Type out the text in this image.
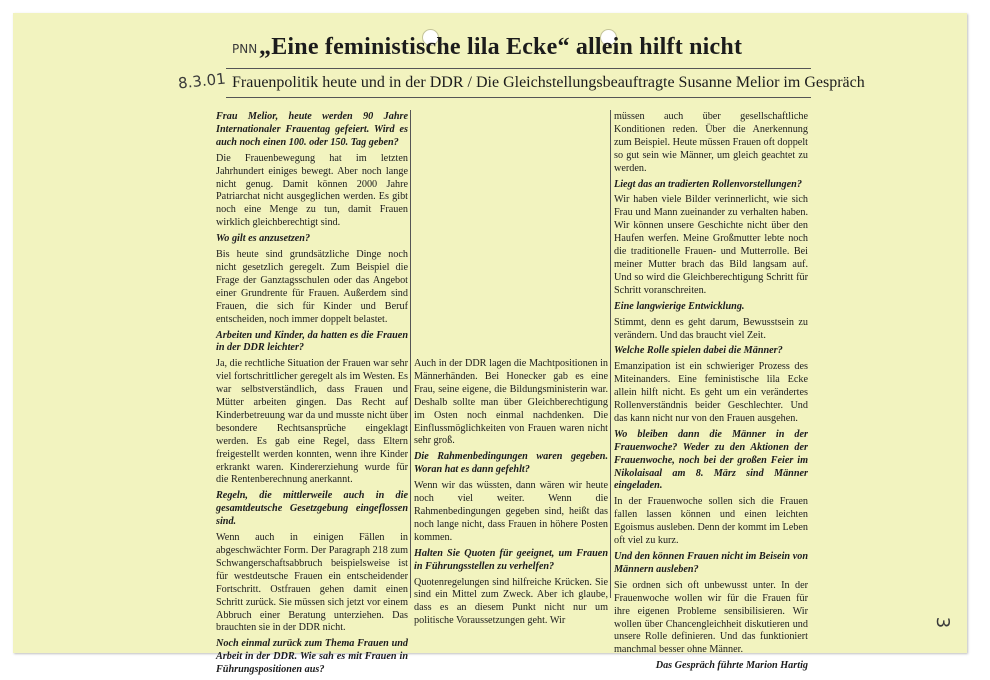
PNN
8.3.01
3
„Eine feministische lila Ecke“ allein hilft nicht
Frauenpolitik heute und in der DDR / Die Gleichstellungsbeauftragte Susanne Melior im Gespräch

Frau Melior, heute werden 90 Jahre Internationaler Frauentag gefeiert. Wird es auch noch einen 100. oder 150. Tag geben?

Die Frauenbewegung hat im letzten Jahrhundert einiges bewegt. Aber noch lange nicht genug. Damit können 2000 Jahre Patriarchat nicht ausgeglichen werden. Es gibt noch eine Menge zu tun, damit Frauen wirklich gleichberechtigt sind.

Wo gilt es anzusetzen?

Bis heute sind grundsätzliche Dinge noch nicht gesetzlich geregelt. Zum Beispiel die Frage der Ganztagsschulen oder das Angebot einer Grundrente für Frauen. Außerdem sind Frauen, die sich für Kinder und Beruf entscheiden, noch immer doppelt belastet.

Arbeiten und Kinder, da hatten es die Frauen in der DDR leichter?

Ja, die rechtliche Situation der Frauen war sehr viel fortschrittlicher geregelt als im Westen. Es war selbstverständlich, dass Frauen und Mütter arbeiten gingen. Das Recht auf Kinderbetreuung war da und musste nicht über besondere Rechtsansprüche eingeklagt werden. Es gab eine Regel, dass Eltern freigestellt werden konnten, wenn ihre Kinder erkrankt waren. Kindererziehung wurde für die Rentenberechnung anerkannt.

Regeln, die mittlerweile auch in die gesamtdeutsche Gesetzgebung eingeflossen sind.

Wenn auch in einigen Fällen in abgeschwächter Form. Der Paragraph 218 zum Schwangerschaftsabbruch beispielsweise ist für westdeutsche Frauen ein entscheidender Fortschritt. Ostfrauen gehen damit einen Schritt zurück. Sie müssen sich jetzt vor einem Abbruch einer Beratung unterziehen. Das brauchten sie in der DDR nicht.

Noch einmal zurück zum Thema Frauen und Arbeit in der DDR. Wie sah es mit Frauen in Führungspositionen aus?

Auch in der DDR lagen die Machtpositionen in Männerhänden. Bei Honecker gab es eine Frau, seine eigene, die Bildungsministerin war. Deshalb sollte man über Gleichberechtigung im Osten noch einmal nachdenken. Die Einflussmöglichkeiten von Frauen waren nicht sehr groß.

Die Rahmenbedingungen waren gegeben. Woran hat es dann gefehlt?

Wenn wir das wüssten, dann wären wir heute noch viel weiter. Wenn die Rahmenbedingungen gegeben sind, heißt das noch lange nicht, dass Frauen in höhere Posten kommen.

Halten Sie Quoten für geeignet, um Frauen in Führungsstellen zu verhelfen?

Quotenregelungen sind hilfreiche Krücken. Sie sind ein Mittel zum Zweck. Aber ich glaube, dass es an diesem Punkt nicht nur um politische Voraussetzungen geht. Wir

müssen auch über gesellschaftliche Konditionen reden. Über die Anerkennung zum Beispiel. Heute müssen Frauen oft doppelt so gut sein wie Männer, um gleich geachtet zu werden.

Liegt das an tradierten Rollenvorstellungen?

Wir haben viele Bilder verinnerlicht, wie sich Frau und Mann zueinander zu verhalten haben. Wir können unsere Geschichte nicht über den Haufen werfen. Meine Großmutter lebte noch die traditionelle Frauen- und Mutterrolle. Bei meiner Mutter brach das Bild langsam auf. Und so wird die Gleichberechtigung Schritt für Schritt voranschreiten.

Eine langwierige Entwicklung.

Stimmt, denn es geht darum, Bewusstsein zu verändern. Und das braucht viel Zeit.

Welche Rolle spielen dabei die Männer?

Emanzipation ist ein schwieriger Prozess des Miteinanders. Eine feministische lila Ecke allein hilft nicht. Es geht um ein verändertes Rollenverständnis beider Geschlechter. Und das kann nicht nur von den Frauen ausgehen.

Wo bleiben dann die Männer in der Frauenwoche? Weder zu den Aktionen der Frauenwoche, noch bei der großen Feier im Nikolaisaal am 8. März sind Männer eingeladen.

In der Frauenwoche sollen sich die Frauen fallen lassen können und einen leichten Egoismus ausleben. Denn der kommt im Leben oft viel zu kurz.

Und den können Frauen nicht im Beisein von Männern ausleben?

Sie ordnen sich oft unbewusst unter. In der Frauenwoche wollen wir für die Frauen für ihre eigenen Probleme sensibilisieren. Wir wollen über Chancengleichheit diskutieren und unsere Rolle definieren. Und das funktioniert manchmal besser ohne Männer.

Das Gespräch führte Marion Hartig
